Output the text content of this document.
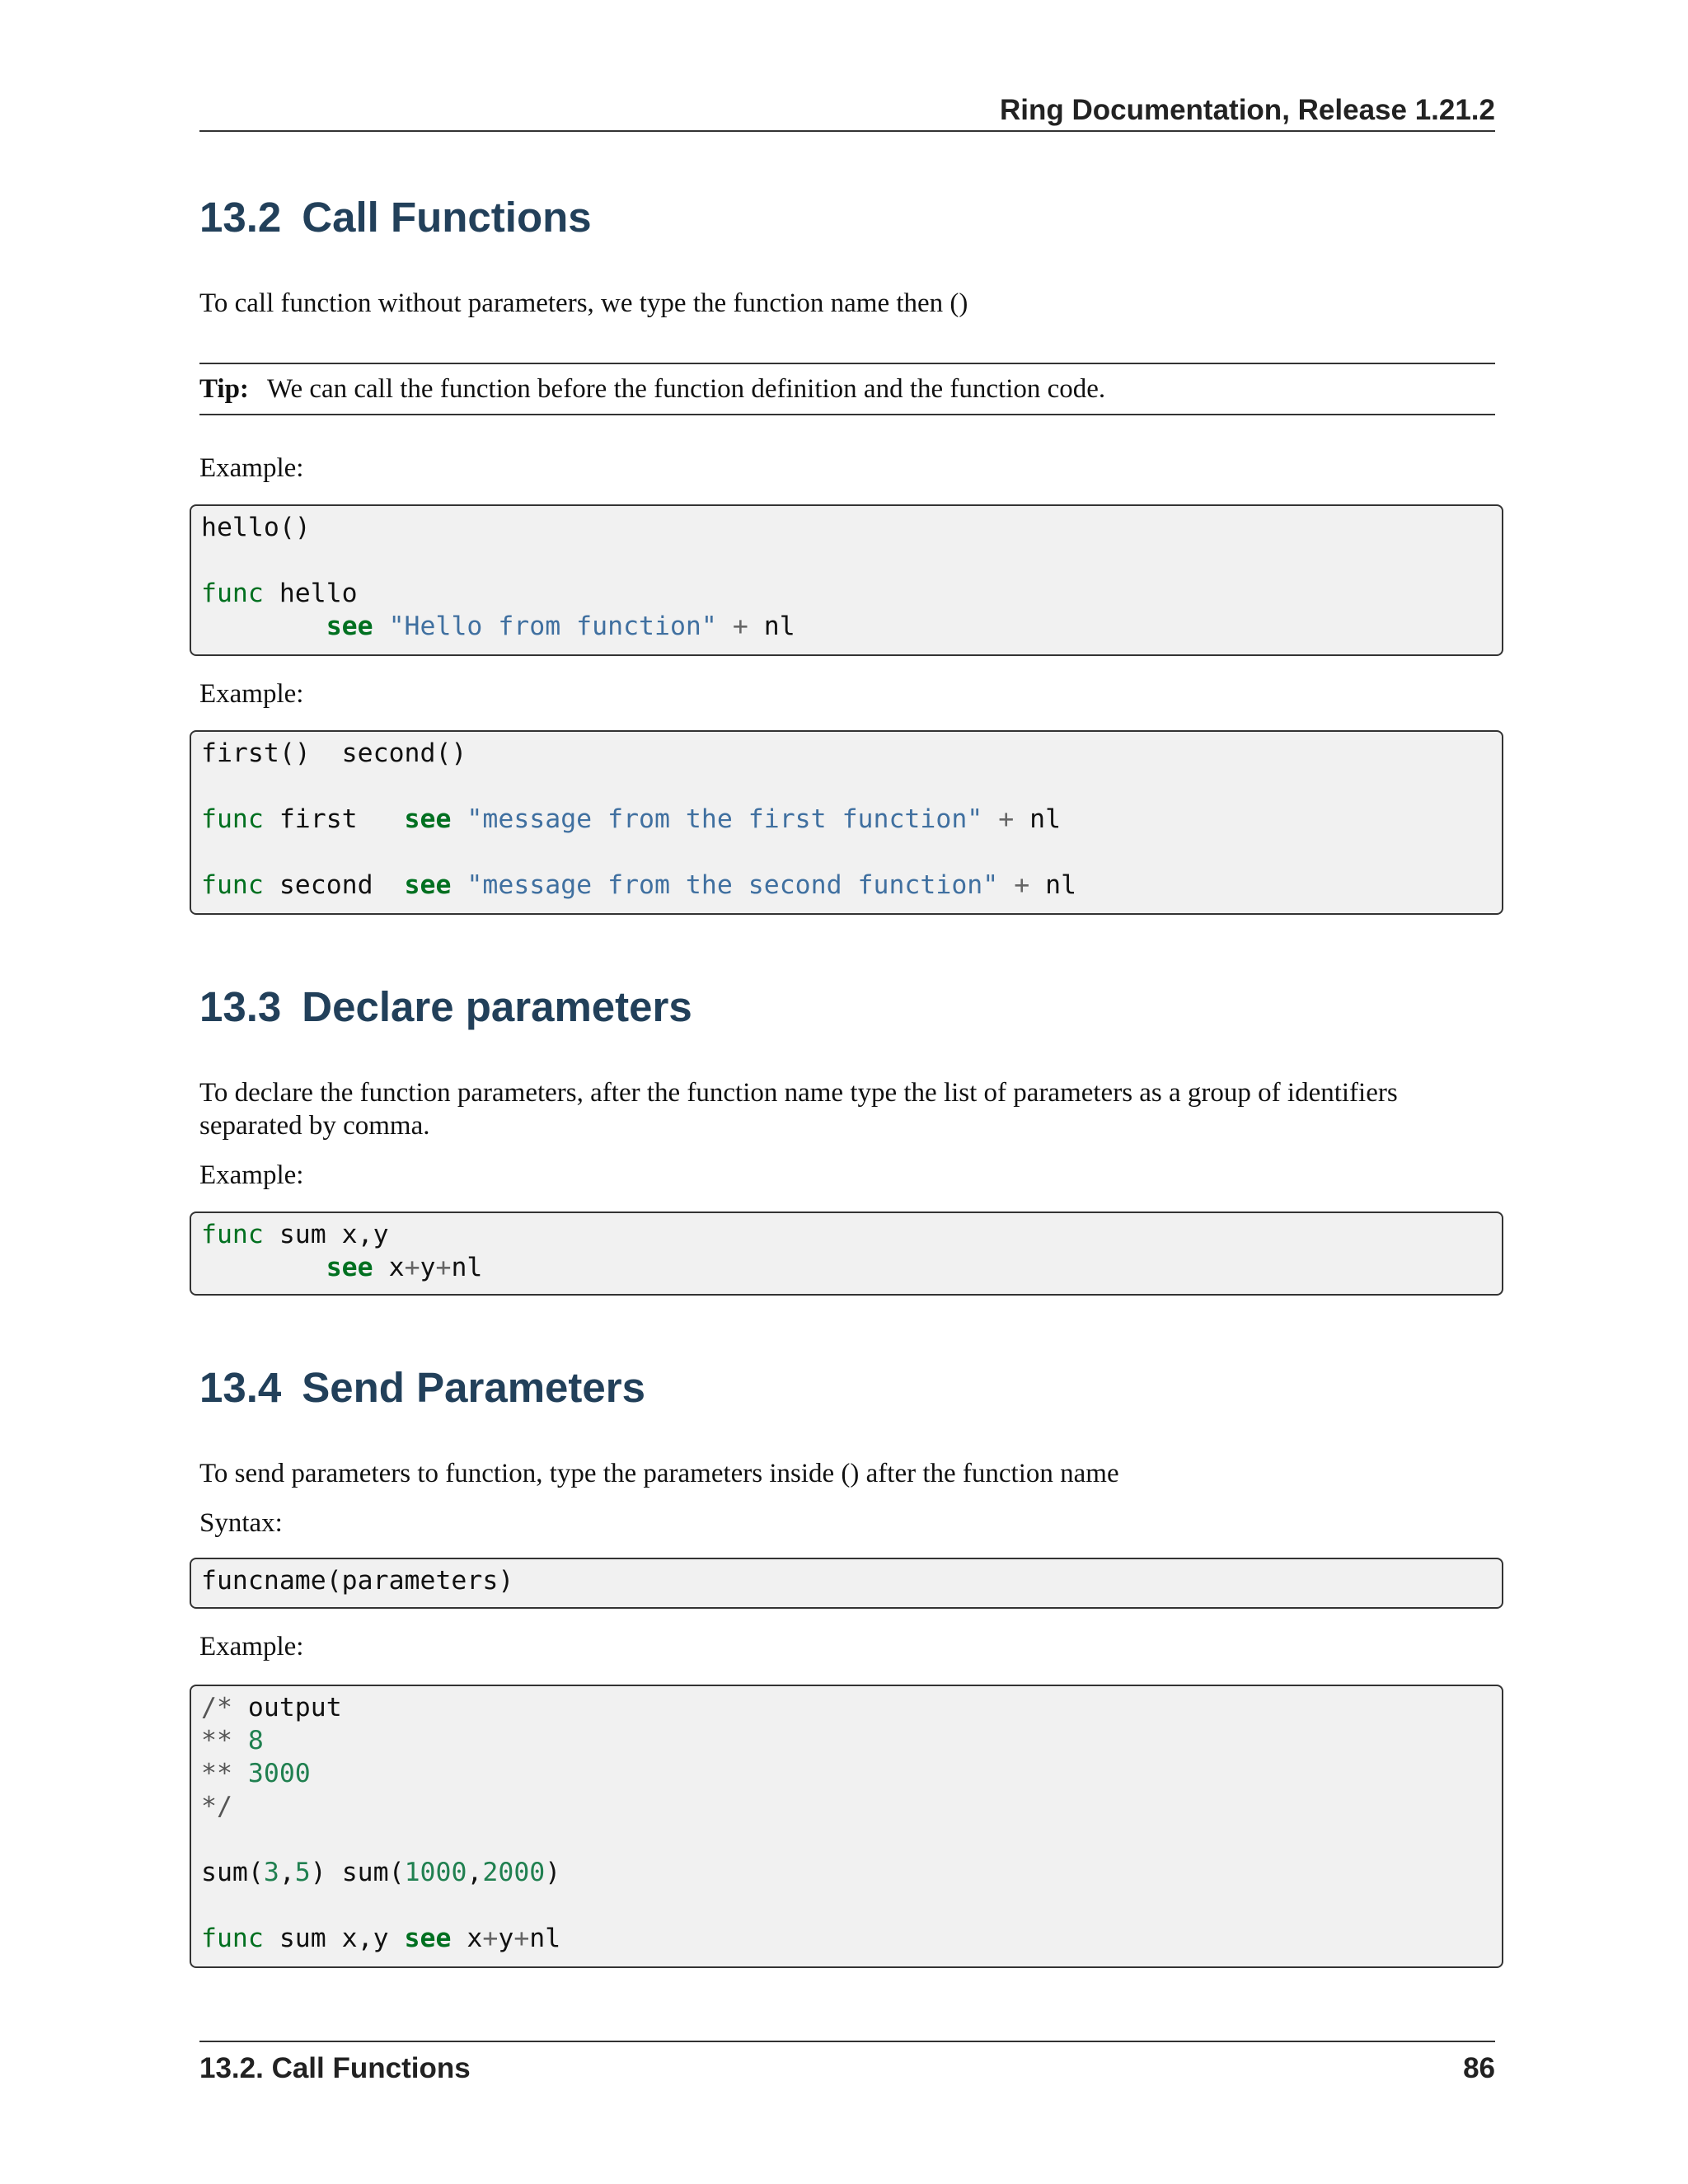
Ring Documentation, Release 1.21.2
13.2 Call Functions

To call function without parameters, we type the function name then ()

Tip: We can call the function before the function definition and the function code.

Example:

hello()
func hello
see "Hello from function" + nl

Example:

first()  second()
func first   see "message from the first function" + nl
func second  see "message from the second function" + nl
13.3 Declare parameters

To declare the function parameters, after the function name type the list of parameters as a group of identifiers separated by comma.

Example:

func sum x,y
see x+y+nl
13.4 Send Parameters

To send parameters to function, type the parameters inside () after the function name

Syntax:

funcname(parameters)

Example:

/* output
** 8
** 3000
*/
sum(3,5) sum(1000,2000)
func sum x,y see x+y+nl
13.2. Call Functions	86
